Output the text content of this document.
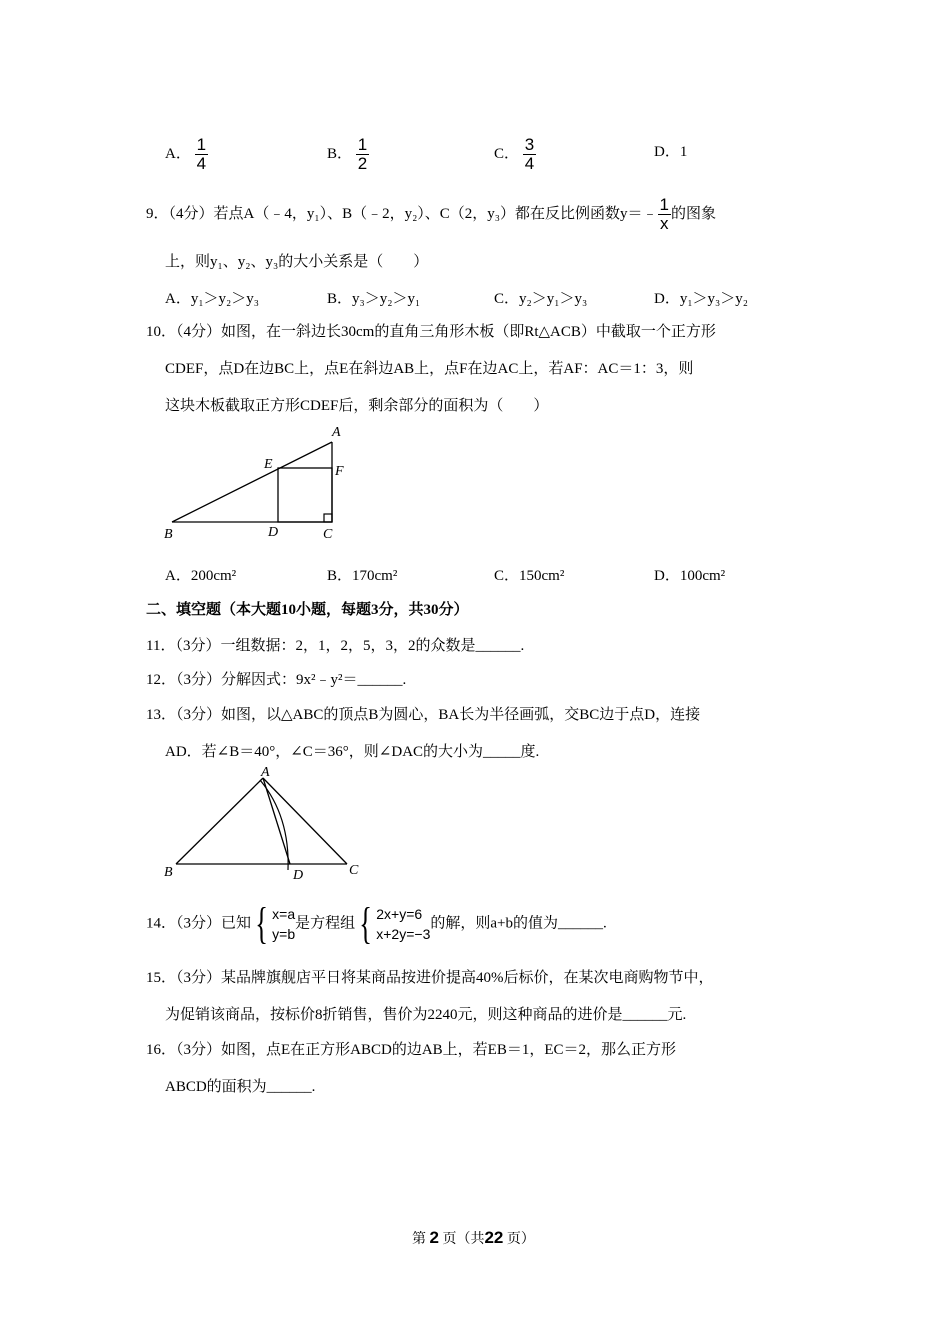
A． $\frac{1}{4}$	B． $\frac{1}{2}$	C． $\frac{3}{4}$	D．1
9．（4分）若点A（﹣4，y₁）、B（﹣2，y₂）、C（2，y₃）都在反比例函数y＝﹣ $\frac{1}{x}$ 的图象
上，则y₁、y₂、y₃的大小关系是（　　）
A．y₁＞y₂＞y₃	B．y₃＞y₂＞y₁	C．y₂＞y₁＞y₃	D．y₁＞y₃＞y₂
10．（4分）如图，在一斜边长30cm的直角三角形木板（即Rt△ACB）中截取一个正方形
CDEF，点D在边BC上，点E在斜边AB上，点F在边AC上，若AF：AC＝1：3，则
这块木板截取正方形CDEF后，剩余部分的面积为（　　）
A
B	C
D
E	F
A．200cm²	B．170cm²	C．150cm²	D．100cm²
二、填空题（本大题10小题，每题3分，共30分）
11．（3分）一组数据：2，1，2，5，3，2的众数是______.
12．（3分）分解因式：9x²﹣y²＝______.
13．（3分）如图，以△ABC的顶点B为圆心，BA长为半径画弧，交BC边于点D，连接
AD．若∠B＝40°，∠C＝36°，则∠DAC的大小为_____度.
A
B	C
D
14．（3分）已知{ x=a
y=b
是方程组{ 2x+y=6
x+2y=−3
的解，则a+b的值为______.
15．（3分）某品牌旗舰店平日将某商品按进价提高40%后标价，在某次电商购物节中，
为促销该商品，按标价8折销售，售价为2240元，则这种商品的进价是______元.
16．（3分）如图，点E在正方形ABCD的边AB上，若EB＝1，EC＝2，那么正方形
ABCD的面积为______.
第 2 页（共22 页）
